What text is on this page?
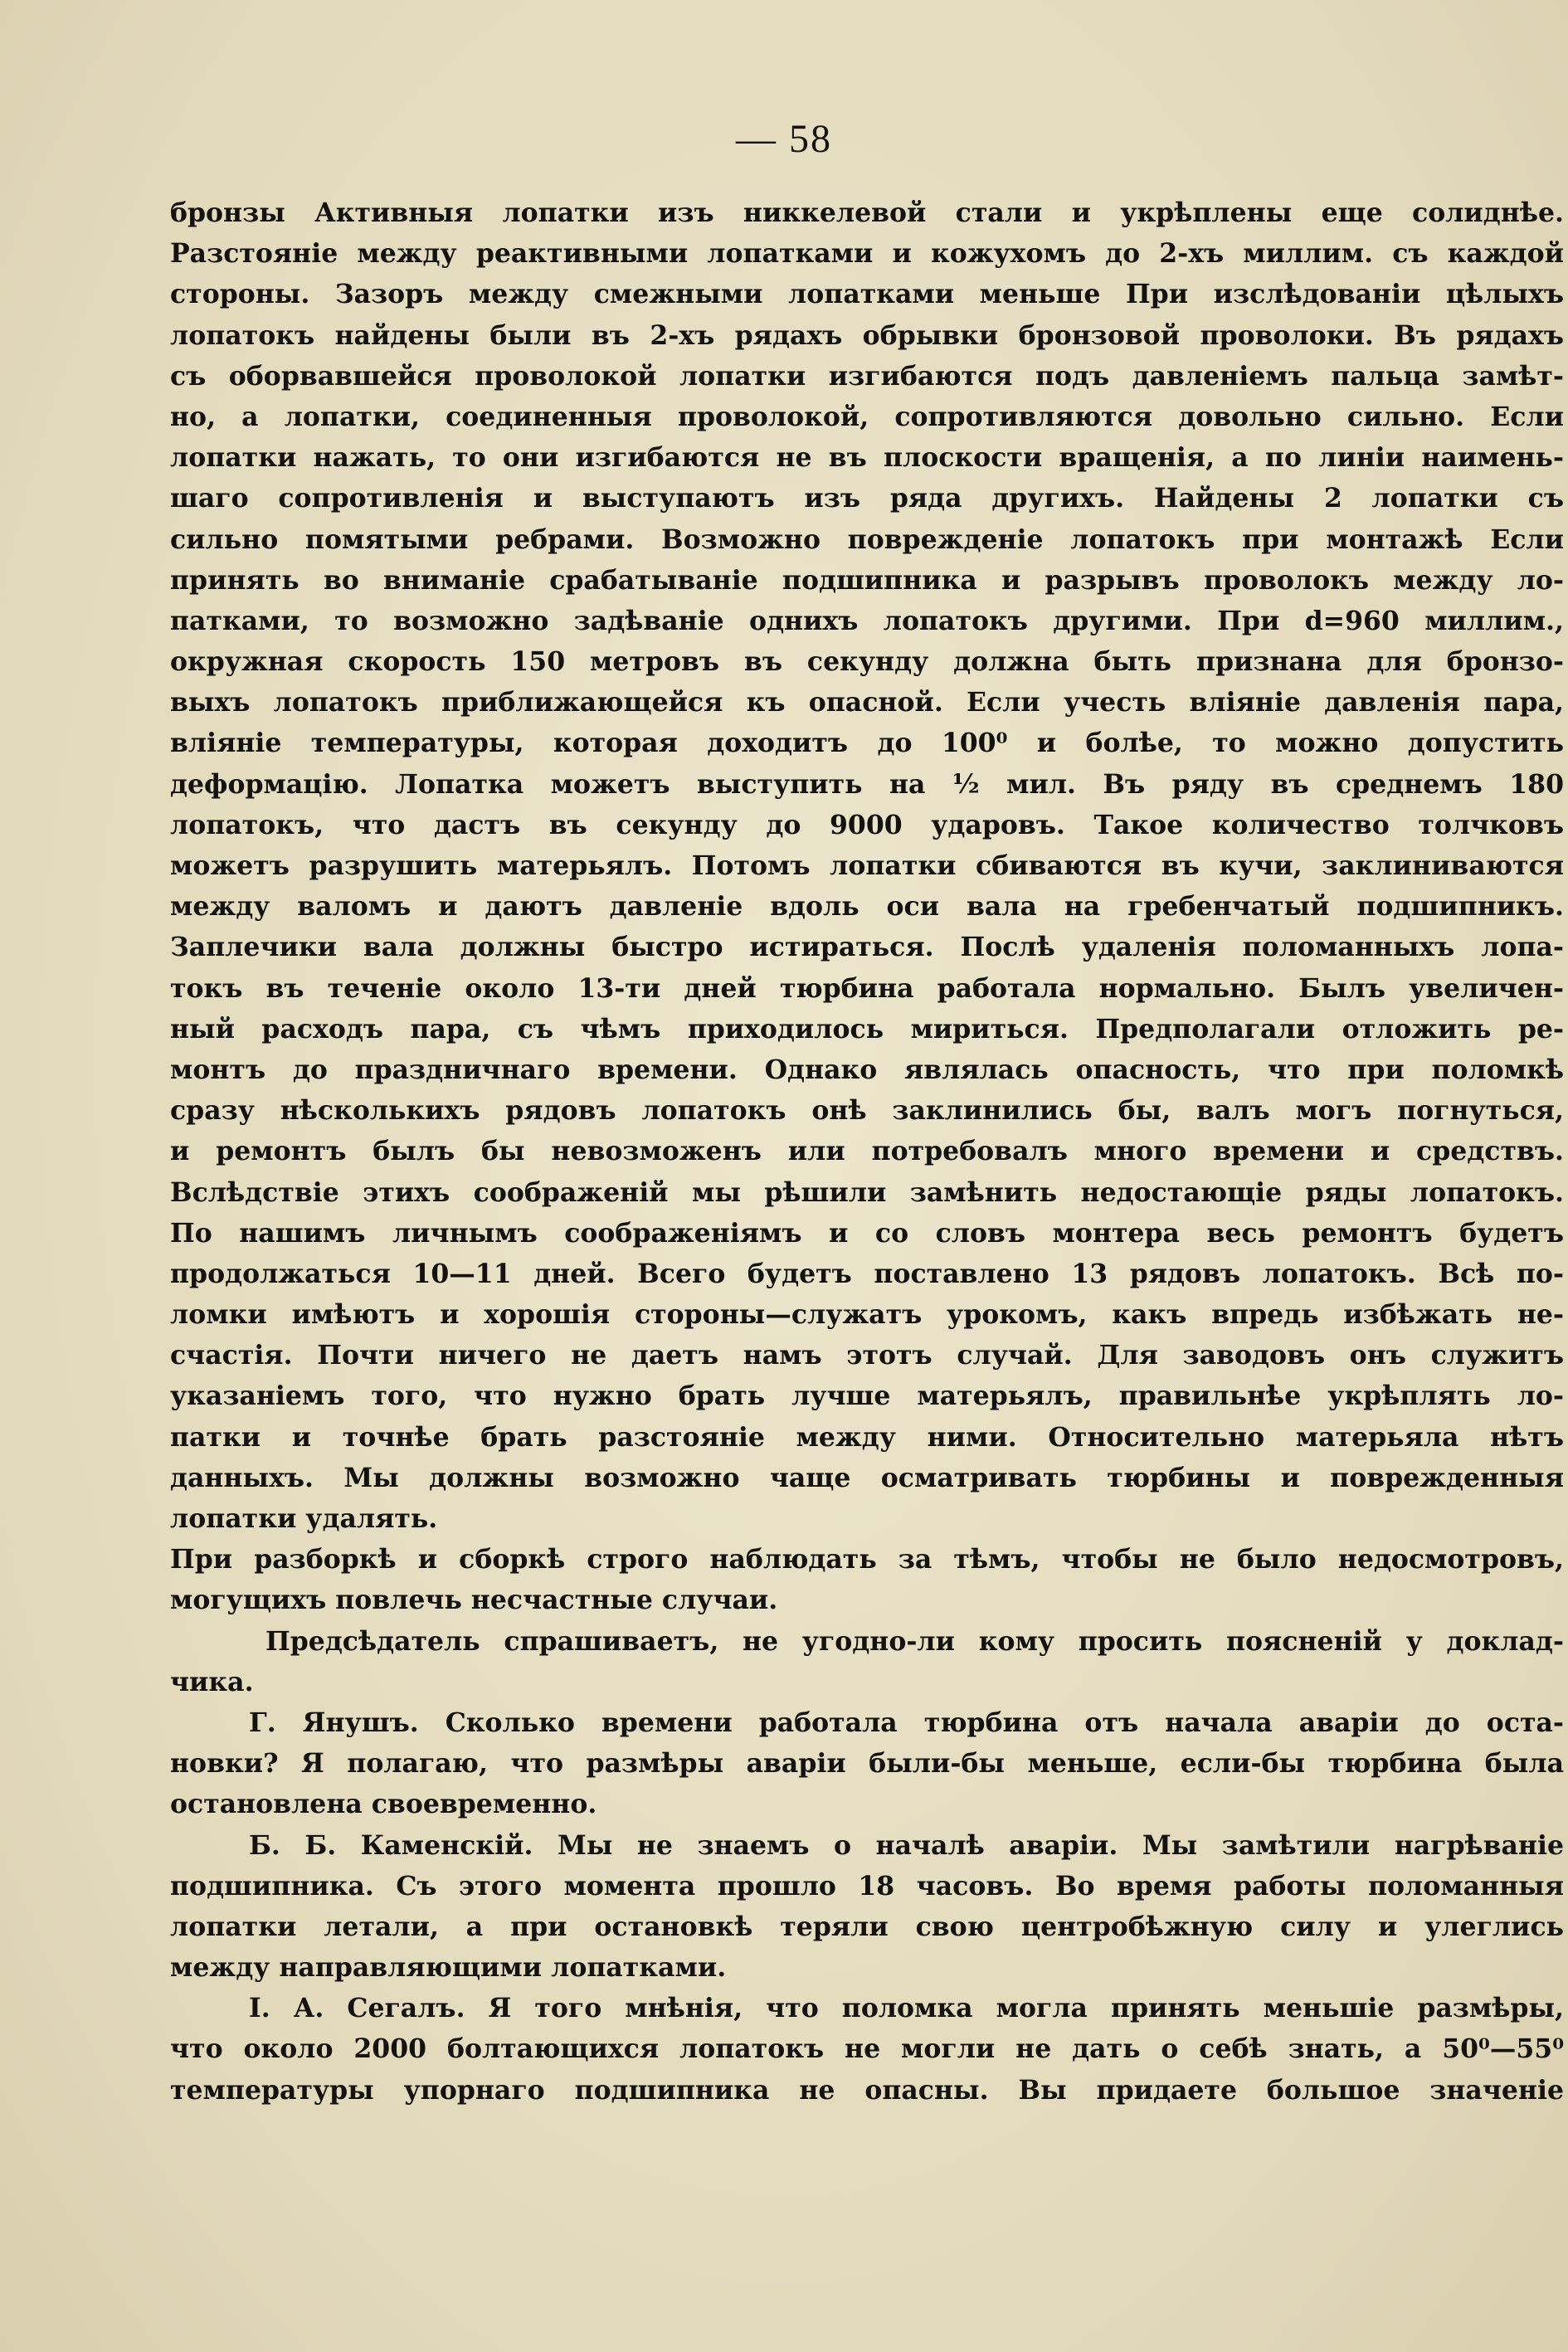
— 58
бронзы Активныя лопатки изъ никкелевой стали и укрѣплены еще солиднѣе.
Разстояніе между реактивными лопатками и кожухомъ до 2-хъ миллим. съ каждой
стороны. Зазоръ между смежными лопатками меньше При изслѣдованіи цѣлыхъ
лопатокъ найдены были въ 2-хъ рядахъ обрывки бронзовой проволоки. Въ рядахъ
съ оборвавшейся проволокой лопатки изгибаются подъ давленіемъ пальца замѣт-
но, а лопатки, соединенныя проволокой, сопротивляются довольно сильно. Если
лопатки нажать, то они изгибаются не въ плоскости вращенія, а по линіи наимень-
шаго сопротивленія и выступаютъ изъ ряда другихъ. Найдены 2 лопатки съ
сильно помятыми ребрами. Возможно поврежденіе лопатокъ при монтажѣ Если
принять во вниманіе срабатываніе подшипника и разрывъ проволокъ между ло-
патками, то возможно задѣваніе однихъ лопатокъ другими. При d=960 миллим.,
окружная скорость 150 метровъ въ секунду должна быть признана для бронзо-
выхъ лопатокъ приближающейся къ опасной. Если учесть вліяніе давленія пара,
вліяніе температуры, которая доходитъ до 100⁰ и болѣе, то можно допустить
деформацію. Лопатка можетъ выступить на ½ мил. Въ ряду въ среднемъ 180
лопатокъ, что дастъ въ секунду до 9000 ударовъ. Такое количество толчковъ
можетъ разрушить матерьялъ. Потомъ лопатки сбиваются въ кучи, заклиниваются
между валомъ и даютъ давленіе вдоль оси вала на гребенчатый подшипникъ.
Заплечики вала должны быстро истираться. Послѣ удаленія поломанныхъ лопа-
токъ въ теченіе около 13-ти дней тюрбина работала нормально. Былъ увеличен-
ный расходъ пара, съ чѣмъ приходилось мириться. Предполагали отложить ре-
монтъ до праздничнаго времени. Однако являлась опасность, что при поломкѣ
сразу нѣсколькихъ рядовъ лопатокъ онѣ заклинились бы, валъ могъ погнуться,
и ремонтъ былъ бы невозможенъ или потребовалъ много времени и средствъ.
Вслѣдствіе этихъ соображеній мы рѣшили замѣнить недостающіе ряды лопатокъ.
По нашимъ личнымъ соображеніямъ и со словъ монтера весь ремонтъ будетъ
продолжаться 10—11 дней. Всего будетъ поставлено 13 рядовъ лопатокъ. Всѣ по-
ломки имѣютъ и хорошія стороны—служатъ урокомъ, какъ впредь избѣжать не-
счастія. Почти ничего не даетъ намъ этотъ случай. Для заводовъ онъ служитъ
указаніемъ того, что нужно брать лучше матерьялъ, правильнѣе укрѣплять ло-
патки и точнѣе брать разстояніе между ними. Относительно матерьяла нѣтъ
данныхъ. Мы должны возможно чаще осматривать тюрбины и поврежденныя
лопатки удалять.
При разборкѣ и сборкѣ строго наблюдать за тѣмъ, чтобы не было недосмотровъ,
могущихъ повлечь несчастные случаи.
Предсѣдатель спрашиваетъ, не угодно-ли кому просить поясненій у доклад-
чика.
Г. Янушъ. Сколько времени работала тюрбина отъ начала аваріи до оста-
новки? Я полагаю, что размѣры аваріи были-бы меньше, если-бы тюрбина была
остановлена своевременно.
Б. Б. Каменскій. Мы не знаемъ о началѣ аваріи. Мы замѣтили нагрѣваніе
подшипника. Съ этого момента прошло 18 часовъ. Во время работы поломанныя
лопатки летали, а при остановкѣ теряли свою центробѣжную силу и улеглись
между направляющими лопатками.
I. А. Сегалъ. Я того мнѣнія, что поломка могла принять меньшіе размѣры,
что около 2000 болтающихся лопатокъ не могли не дать о себѣ знать, а 50⁰—55⁰
температуры упорнаго подшипника не опасны. Вы придаете большое значеніе
